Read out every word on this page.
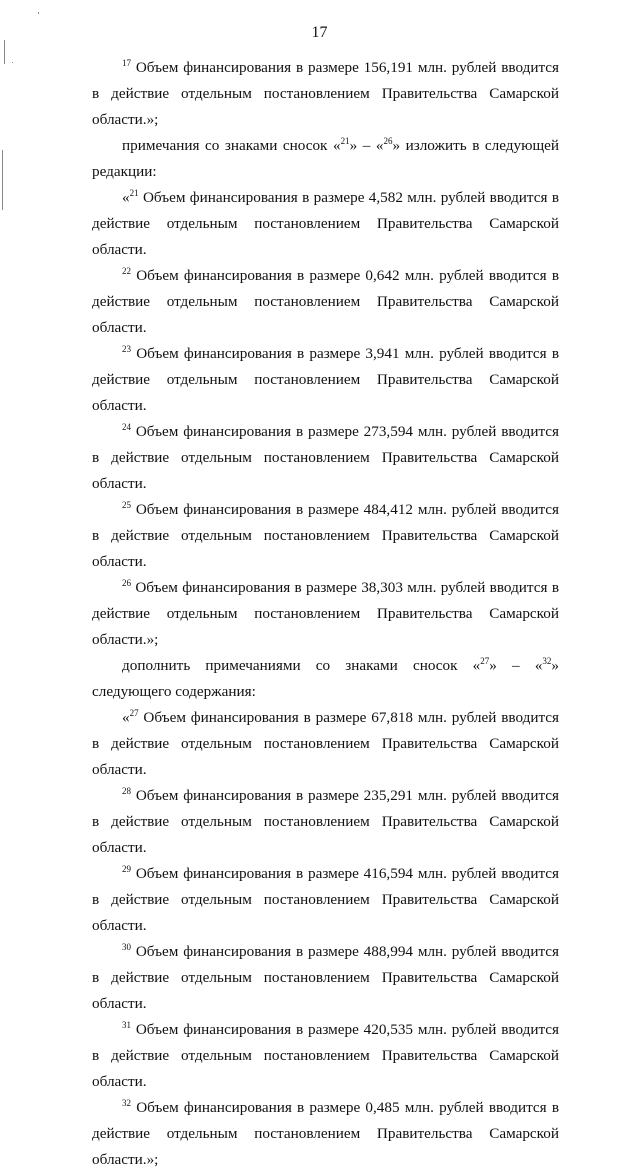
17

$^{17}$ Объем финансирования в размере 156,191 млн. рублей вводится в действие отдельным постановлением Правительства Самарской области.»;

примечания со знаками сносок «$^{21}$» – «$^{26}$» изложить в следующей редакции:

«$^{21}$ Объем финансирования в размере 4,582 млн. рублей вводится в действие отдельным постановлением Правительства Самарской области.

$^{22}$ Объем финансирования в размере 0,642 млн. рублей вводится в действие отдельным постановлением Правительства Самарской области.

$^{23}$ Объем финансирования в размере 3,941 млн. рублей вводится в действие отдельным постановлением Правительства Самарской области.

$^{24}$ Объем финансирования в размере 273,594 млн. рублей вводится в действие отдельным постановлением Правительства Самарской области.

$^{25}$ Объем финансирования в размере 484,412 млн. рублей вводится в действие отдельным постановлением Правительства Самарской области.

$^{26}$ Объем финансирования в размере 38,303 млн. рублей вводится в действие отдельным постановлением Правительства Самарской области.»;

дополнить примечаниями со знаками сносок «$^{27}$» – «$^{32}$» следующего содержания:

«$^{27}$ Объем финансирования в размере 67,818 млн. рублей вводится в действие отдельным постановлением Правительства Самарской области.

$^{28}$ Объем финансирования в размере 235,291 млн. рублей вводится в действие отдельным постановлением Правительства Самарской области.

$^{29}$ Объем финансирования в размере 416,594 млн. рублей вводится в действие отдельным постановлением Правительства Самарской области.

$^{30}$ Объем финансирования в размере 488,994 млн. рублей вводится в действие отдельным постановлением Правительства Самарской области.

$^{31}$ Объем финансирования в размере 420,535 млн. рублей вводится в действие отдельным постановлением Правительства Самарской области.

$^{32}$ Объем финансирования в размере 0,485 млн. рублей вводится в действие отдельным постановлением Правительства Самарской области.»;
